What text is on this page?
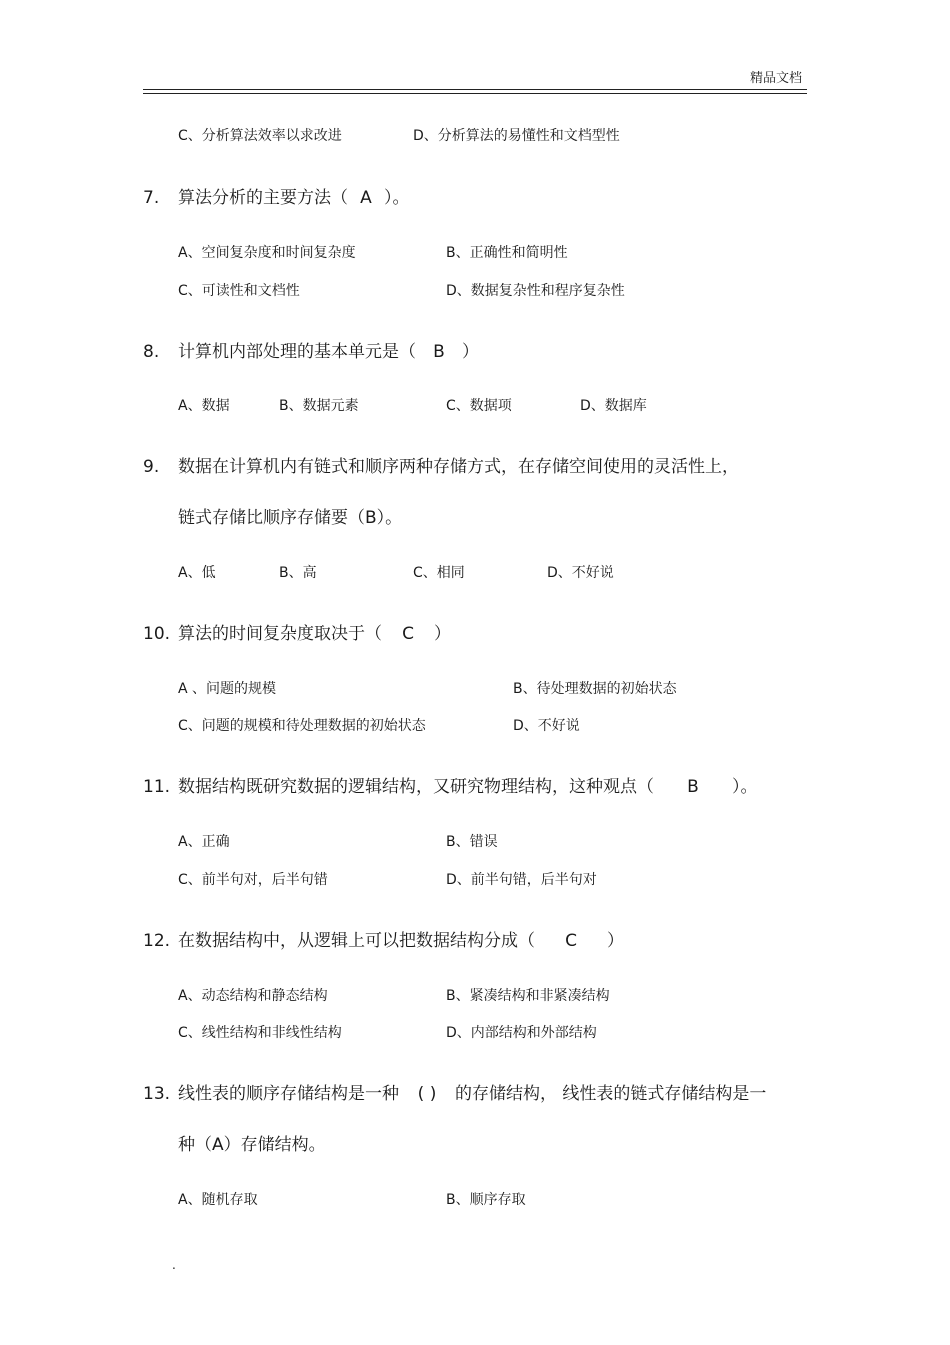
精品文档
C、分析算法效率以求改进	D、分析算法的易懂性和文档型性
7. 算法分析的主要方法（ A ）。
A、空间复杂度和时间复杂度	B、正确性和简明性
C、可读性和文档性	D、数据复杂性和程序复杂性
8. 计算机内部处理的基本单元是（ B ）
A、数据	B、数据元素	C、数据项	D、数据库
9. 数据在计算机内有链式和顺序两种存储方式，在存储空间使用的灵活性上，
链式存储比顺序存储要（B）。
A、低	B、高	C、相同	D、不好说
10. 算法的时间复杂度取决于（ C ）
A 、问题的规模	B、待处理数据的初始状态
C、问题的规模和待处理数据的初始状态	D、不好说
11. 数据结构既研究数据的逻辑结构，又研究物理结构，这种观点（ B ）。
A、正确	B、错误
C、前半句对，后半句错	D、前半句错，后半句对
12. 在数据结构中，从逻辑上可以把数据结构分成（ C ）
A、动态结构和静态结构	B、紧凑结构和非紧凑结构
C、线性结构和非线性结构	D、内部结构和外部结构
13. 线性表的顺序存储结构是一种 ( ) 的存储结构， 线性表的链式存储结构是一
种（A）存储结构。
A、随机存取	B、顺序存取
.
